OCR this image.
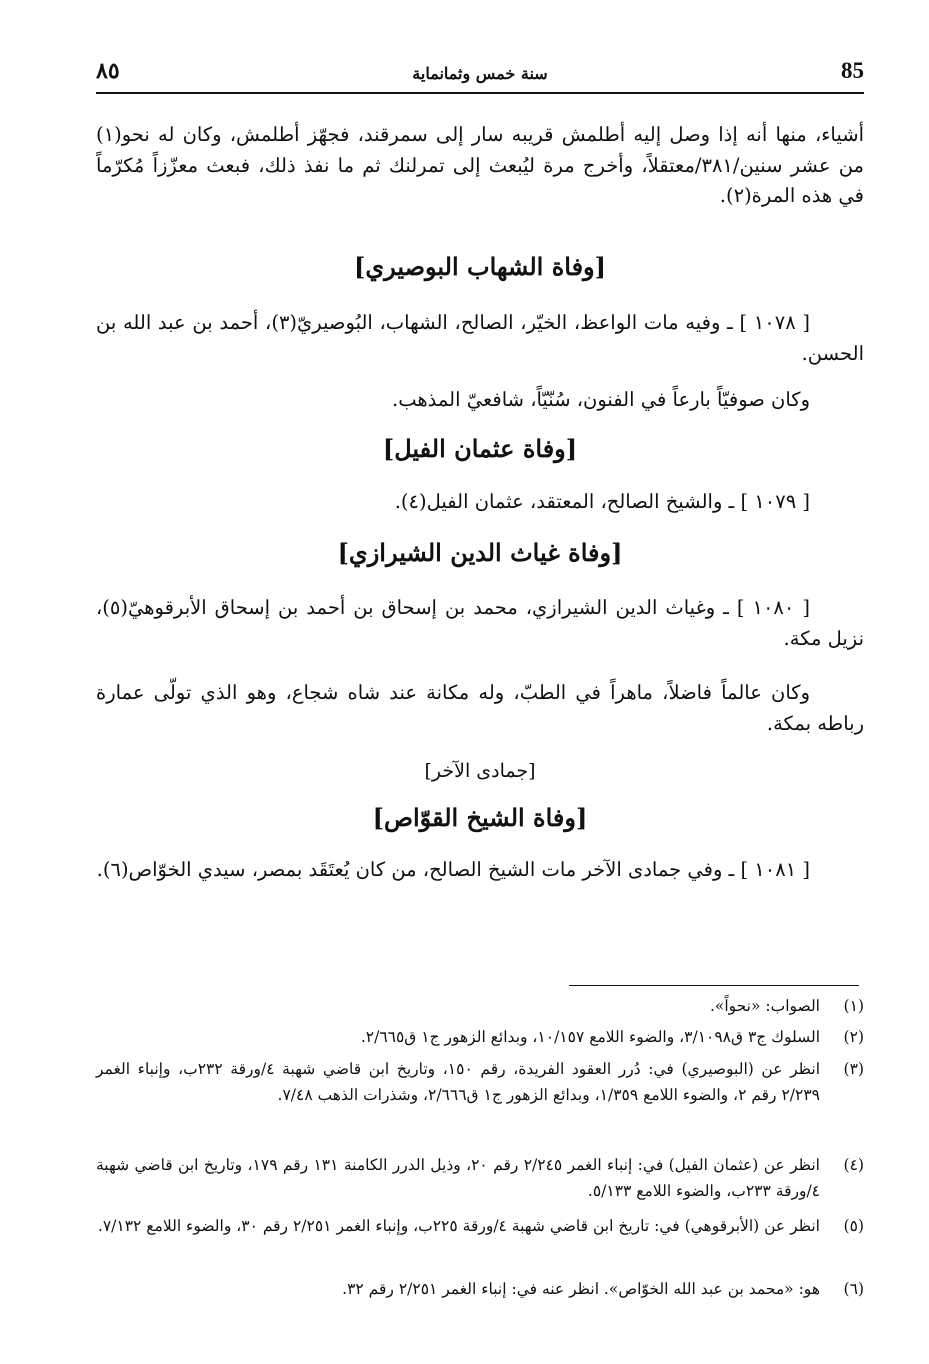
85
٨٥	سنة خمس وثمانماية

أشياء، منها أنه إذا وصل إليه أطلمش قريبه سار إلى سمرقند، فجهّز أطلمش، وكان له نحو(١) من عشر سنين/٣٨١/معتقلاً، وأخرج مرة ليُبعث إلى تمرلنك ثم ما نفذ ذلك، فبعث معزّزاً مُكرّماً في هذه المرة(٢).

[وفاة الشهاب البوصيري]

[ ١٠٧٨ ] ـ وفيه مات الواعظ، الخيّر، الصالح، الشهاب، البُوصيريّ(٣)، أحمد بن عبد الله بن الحسن.

وكان صوفيّاً بارعاً في الفنون، سُنّيّاً، شافعيّ المذهب.

[وفاة عثمان الفيل]

[ ١٠٧٩ ] ـ والشيخ الصالح، المعتقد، عثمان الفيل(٤).

[وفاة غياث الدين الشيرازي]

[ ١٠٨٠ ] ـ وغياث الدين الشيرازي، محمد بن إسحاق بن أحمد بن إسحاق الأبرقوهيّ(٥)، نزيل مكة.

وكان عالماً فاضلاً، ماهراً في الطبّ، وله مكانة عند شاه شجاع، وهو الذي تولّى عمارة رباطه بمكة.

[جمادى الآخر]

[وفاة الشيخ القوّاص]

[ ١٠٨١ ] ـ وفي جمادى الآخر مات الشيخ الصالح، من كان يُعتَقَد بمصر، سيدي الخوّاص(٦).

(١)
الصواب: «نحواً».

(٢)
السلوك ج٣ ق٣/١٠٩٨، والضوء اللامع ١٠/١٥٧، وبدائع الزهور ج١ ق٢/٦٦٥.

(٣)
انظر عن (البوصيري) في: دُرر العقود الفريدة، رقم ١٥٠، وتاريخ ابن قاضي شهبة ٤/ورقة ٢٣٢ب، وإنباء الغمر ٢/٢٣٩ رقم ٢، والضوء اللامع ١/٣٥٩، وبدائع الزهور ج١ ق٢/٦٦٦، وشذرات الذهب ٧/٤٨.

(٤)
انظر عن (عثمان الفيل) في: إنباء الغمر ٢/٢٤٥ رقم ٢٠، وذيل الدرر الكامنة ١٣١ رقم ١٧٩، وتاريخ ابن قاضي شهبة ٤/ورقة ٢٣٣ب، والضوء اللامع ٥/١٣٣.

(٥)
انظر عن (الأبرقوهي) في: تاريخ ابن قاضي شهبة ٤/ورقة ٢٢٥ب، وإنباء الغمر ٢/٢٥١ رقم ٣٠، والضوء اللامع ٧/١٣٢.

(٦)
هو: «محمد بن عبد الله الخوّاص». انظر عنه في: إنباء الغمر ٢/٢٥١ رقم ٣٢.
